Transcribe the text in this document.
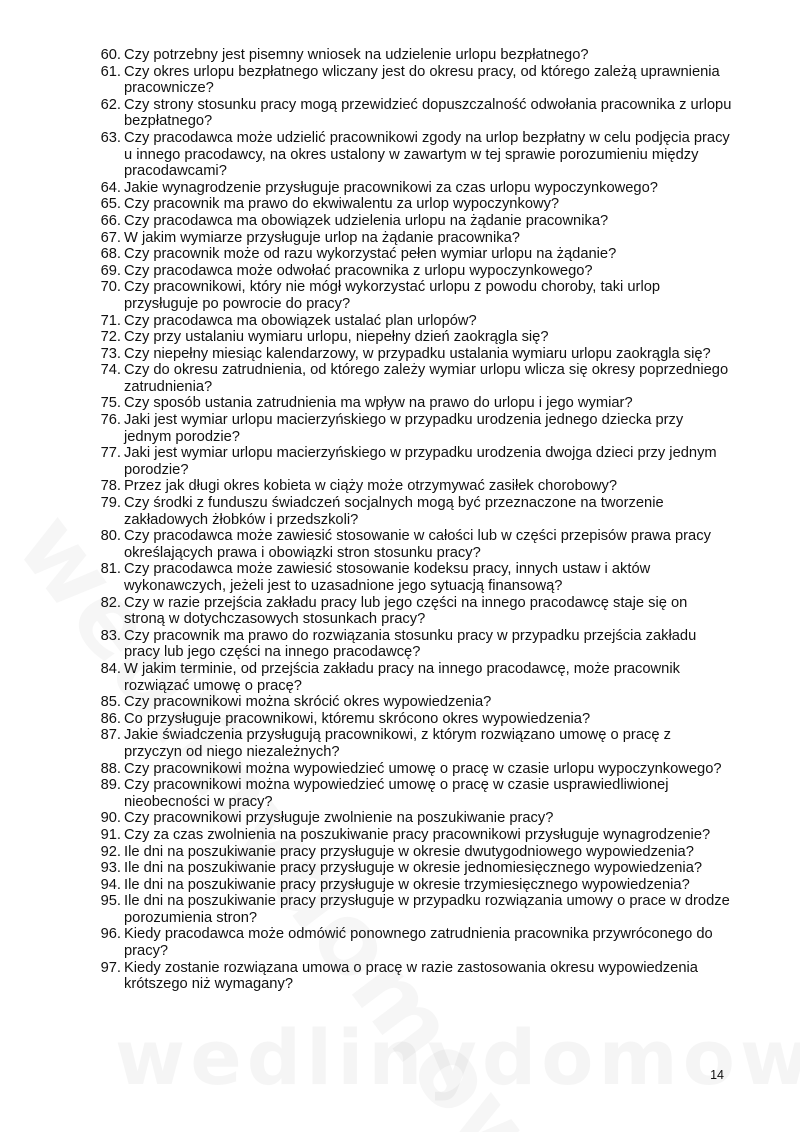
60. Czy potrzebny jest pisemny wniosek na udzielenie urlopu bezpłatnego?
61. Czy okres urlopu bezpłatnego wliczany jest do okresu pracy, od którego zależą uprawnienia pracownicze?
62. Czy strony stosunku pracy mogą przewidzieć dopuszczalność odwołania pracownika z urlopu bezpłatnego?
63. Czy pracodawca może udzielić pracownikowi zgody na urlop bezpłatny w celu podjęcia pracy u innego pracodawcy, na okres ustalony w zawartym w tej sprawie porozumieniu między pracodawcami?
64. Jakie wynagrodzenie przysługuje pracownikowi za czas urlopu wypoczynkowego?
65. Czy pracownik ma prawo do ekwiwalentu za urlop wypoczynkowy?
66. Czy pracodawca ma obowiązek udzielenia urlopu na żądanie pracownika?
67. W jakim wymiarze przysługuje urlop na żądanie pracownika?
68. Czy pracownik może od razu wykorzystać pełen wymiar urlopu na żądanie?
69. Czy pracodawca może odwołać pracownika z urlopu wypoczynkowego?
70. Czy pracownikowi, który nie mógł wykorzystać urlopu z powodu choroby, taki urlop przysługuje po powrocie do pracy?
71. Czy pracodawca ma obowiązek ustalać plan urlopów?
72. Czy przy ustalaniu wymiaru urlopu, niepełny dzień zaokrągla się?
73. Czy niepełny miesiąc kalendarzowy, w przypadku ustalania wymiaru urlopu zaokrągla się?
74. Czy do okresu zatrudnienia, od którego zależy wymiar urlopu wlicza się okresy poprzedniego zatrudnienia?
75. Czy sposób ustania zatrudnienia ma wpływ na prawo do urlopu i jego wymiar?
76. Jaki jest wymiar urlopu macierzyńskiego w przypadku urodzenia jednego dziecka przy jednym porodzie?
77. Jaki jest wymiar urlopu macierzyńskiego w przypadku urodzenia dwojga dzieci przy jednym porodzie?
78. Przez jak długi okres kobieta w ciąży może otrzymywać zasiłek chorobowy?
79. Czy środki z funduszu świadczeń socjalnych mogą być przeznaczone na tworzenie zakładowych żłobków i przedszkoli?
80. Czy pracodawca może zawiesić stosowanie w całości lub w części przepisów prawa pracy określających prawa i obowiązki stron stosunku pracy?
81. Czy pracodawca może zawiesić stosowanie kodeksu pracy, innych ustaw i aktów wykonawczych, jeżeli jest to uzasadnione jego sytuacją finansową?
82. Czy w razie przejścia zakładu pracy lub jego części na innego pracodawcę staje się on stroną w dotychczasowych stosunkach pracy?
83. Czy pracownik ma prawo do rozwiązania stosunku pracy w przypadku przejścia zakładu pracy lub jego części na innego pracodawcę?
84. W jakim terminie, od przejścia zakładu pracy na innego pracodawcę, może pracownik rozwiązać umowę o pracę?
85. Czy pracownikowi można skrócić okres wypowiedzenia?
86. Co przysługuje pracownikowi, któremu skrócono okres wypowiedzenia?
87. Jakie świadczenia przysługują pracownikowi, z którym rozwiązano umowę o pracę z przyczyn od niego niezależnych?
88. Czy pracownikowi można wypowiedzieć umowę o pracę w czasie urlopu wypoczynkowego?
89. Czy pracownikowi można wypowiedzieć umowę o pracę w czasie usprawiedliwionej nieobecności w pracy?
90. Czy pracownikowi przysługuje zwolnienie na poszukiwanie pracy?
91. Czy za czas zwolnienia na poszukiwanie pracy pracownikowi przysługuje wynagrodzenie?
92. Ile dni na poszukiwanie pracy przysługuje w okresie dwutygodniowego wypowiedzenia?
93. Ile dni na poszukiwanie pracy przysługuje w okresie jednomiesięcznego wypowiedzenia?
94. Ile dni na poszukiwanie pracy przysługuje w okresie trzymiesięcznego wypowiedzenia?
95. Ile dni na poszukiwanie pracy przysługuje w przypadku rozwiązania umowy o prace w drodze porozumienia stron?
96. Kiedy pracodawca może odmówić ponownego zatrudnienia pracownika przywróconego do pracy?
97. Kiedy zostanie rozwiązana umowa o pracę w razie zastosowania okresu wypowiedzenia krótszego niż wymagany?
14
